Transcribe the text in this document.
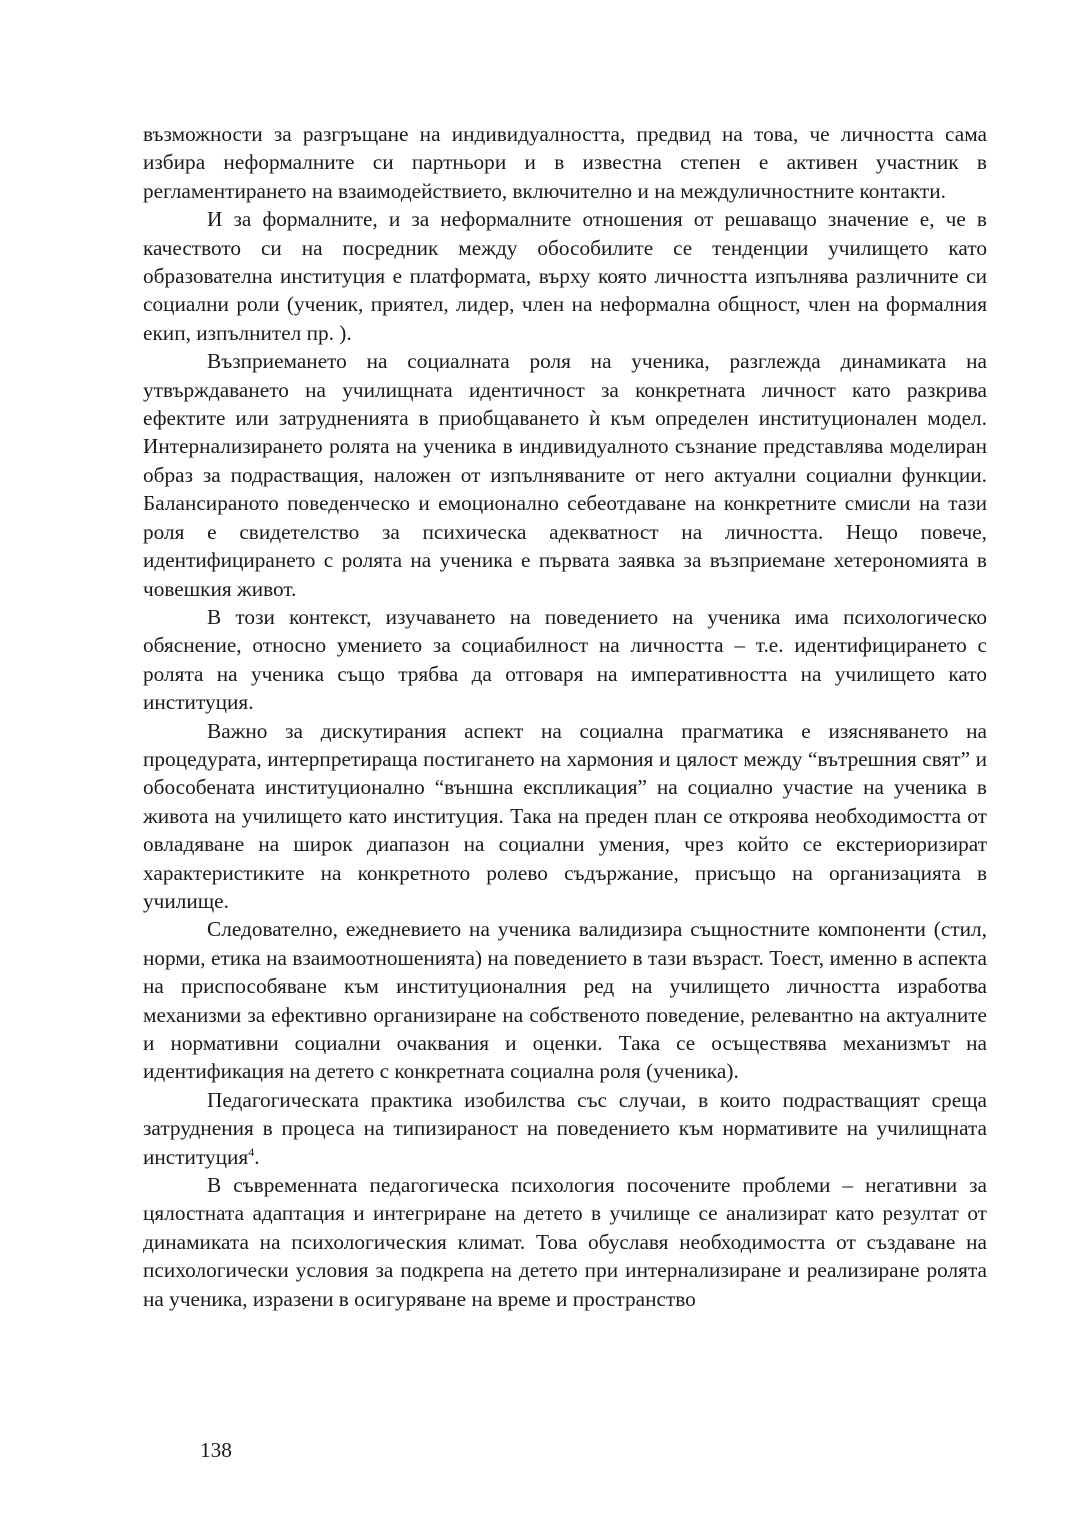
възможности за разгръщане на индивидуалността, предвид на това, че личността сама избира неформалните си партньори и в известна степен е активен участник в регламентирането на взаимодействието, включително и на междуличностните контакти.

И за формалните, и за неформалните отношения от решаващо значение е, че в качеството си на посредник между обособилите се тенденции училището като образователна институция е платформата, върху която личността изпълнява различните си социални роли (ученик, приятел, лидер, член на неформална общност, член на формалния екип, изпълнител пр. ).

Възприемането на социалната роля на ученика, разглежда динамиката на утвърждаването на училищната идентичност за конкретната личност като разкрива ефектите или затрудненията в приобщаването ѝ към определен институционален модел. Интернализирането ролята на ученика в индивидуалното съзнание представлява моделиран образ за подрастващия, наложен от изпълняваните от него актуални социални функции. Балансираното поведенческо и емоционално себеотдаване на конкретните смисли на тази роля е свидетелство за психическа адекватност на личността. Нещо повече, идентифицирането с ролята на ученика е първата заявка за възприемане хетерономията в човешкия живот.

В този контекст, изучаването на поведението на ученика има психологическо обяснение, относно умението за социабилност на личността – т.е. идентифицирането с ролята на ученика също трябва да отговаря на императивността на училището като институция.

Важно за дискутирания аспект на социална прагматика е изясняването на процедурата, интерпретираща постигането на хармония и цялост между “вътрешния свят” и обособената институционално “външна експликация” на социално участие на ученика в живота на училището като институция. Така на преден план се откроява необходимостта от овладяване на широк диапазон на социални умения, чрез който се екстериоризират характеристиките на конкретното ролево съдържание, присъщо на организацията в училище.

Следователно, ежедневието на ученика валидизира същностните компоненти (стил, норми, етика на взаимоотношенията) на поведението в тази възраст. Тоест, именно в аспекта на приспособяване към институционалния ред на училището личността изработва механизми за ефективно организиране на собственото поведение, релевантно на актуалните и нормативни социални очаквания и оценки. Така се осъществява механизмът на идентификация на детето с конкретната социална роля (ученика).

Педагогическата практика изобилства със случаи, в които подрастващият среща затруднения в процеса на типизираност на поведението към нормативите на училищната институция$^4$.

В съвременната педагогическа психология посочените проблеми – негативни за цялостната адаптация и интегриране на детето в училище се анализират като резултат от динамиката на психологическия климат. Това обуславя необходимостта от създаване на психологически условия за подкрепа на детето при интернализиране и реализиране ролята на ученика, изразени в осигуряване на време и пространство

138
